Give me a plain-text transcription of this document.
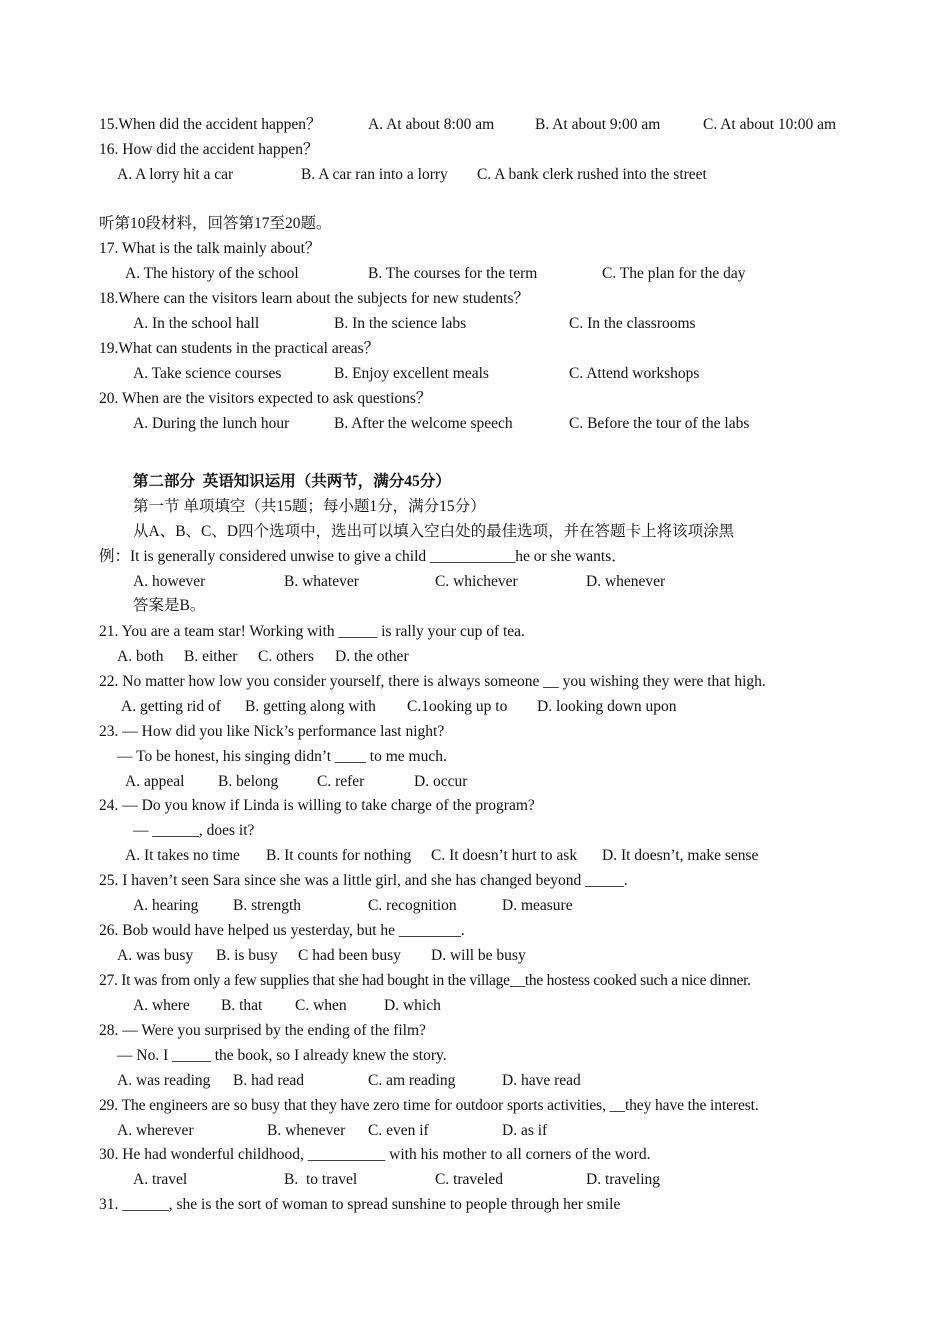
15.When did the accident happen？	A. At about 8:00 am	B. At about 9:00 am	C. At about 10:00 am
16. How did the accident happen？
A. A lorry hit a car	B. A car ran into a lorry C. A bank clerk rushed into the street
听第10段材料，回答第17至20题。
17. What is the talk mainly about？
A. The history of the school	B. The courses for the term	C. The plan for the day
18.Where can the visitors learn about the subjects for new students？
A. In the school hall	B. In the science labs	C. In the classrooms
19.What can students in the practical areas？
A. Take science courses	B. Enjoy excellent meals	C. Attend workshops
20. When are the visitors expected to ask questions？
A. During the lunch hour	B. After the welcome speech	C. Before the tour of the labs
第二部分  英语知识运用（共两节，满分45分）
第一节 单项填空（共15题；每小题1分，满分15分）
从A、B、C、D四个选项中，选出可以填入空白处的最佳选项，并在答题卡上将该项涂黑
例：It is generally considered unwise to give a child ___________he or she wants．
A. however	B. whatever	C. whichever	D. whenever
答案是B。
21. You are a team star! Working with _____ is rally your cup of tea.
A. both B. either C. others D. the other
22. No matter how low you consider yourself, there is always someone __ you wishing they were that high.
A. getting rid of B. getting along with C.1ooking up to D. looking down upon
23. — How did you like Nick’s performance last night?
— To be honest, his singing didn’t ____ to me much.
A. appeal B. belong C. refer	D. occur
24. — Do you know if Linda is willing to take charge of the program?
— ______, does it?
A. It takes no time B. It counts for nothing C. It doesn’t hurt to ask D. It doesn’t, make sense
25. I haven’t seen Sara since she was a little girl, and she has changed beyond _____.
A. hearing B. strength	C. recognition	D. measure
26. Bob would have helped us yesterday, but he ________.
A. was busy B. is busy C had been busy D. will be busy
27. It was from only a few supplies that she had bought in the village__the hostess cooked such a nice dinner.
A. where B. that C. when D. which
28. — Were you surprised by the ending of the film?
— No. I _____ the book, so I already knew the story.
A. was reading B. had read	C. am reading	D. have read
29. The engineers are so busy that they have zero time for outdoor sports activities, __they have the interest.
A. wherever	B. whenever C. even if	D. as if
30. He had wonderful childhood, __________ with his mother to all corners of the word.
A. travel	B.  to travel	C. traveled	D. traveling
31. ______, she is the sort of woman to spread sunshine to people through her smile
